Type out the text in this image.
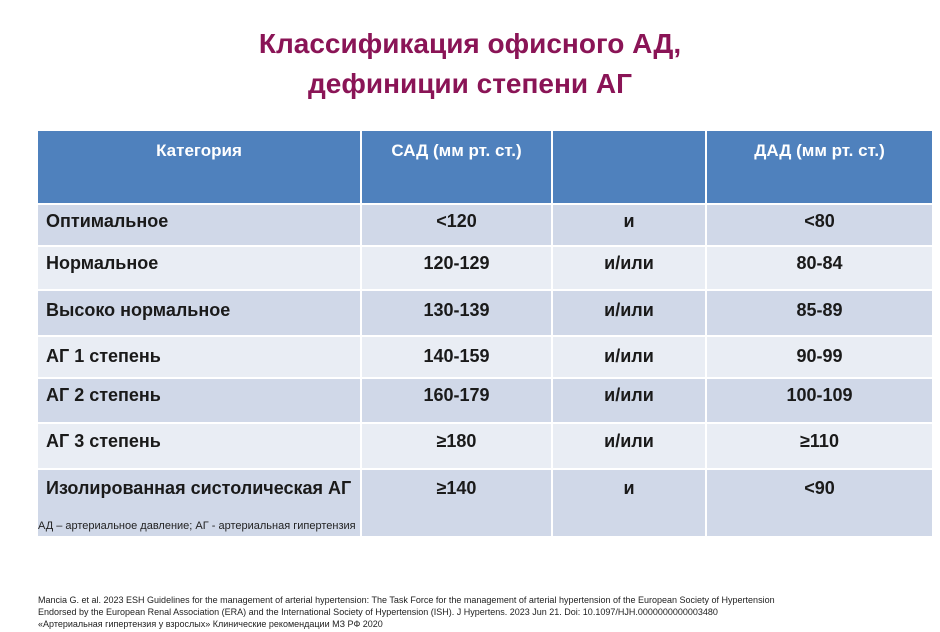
Классификация офисного АД,
дефиниции степени АГ
Категория	САД (мм рт. ст.)		ДАД (мм рт. ст.)
Оптимальное	<120	и	<80
Нормальное	120-129	и/или	80-84
Высоко нормальное	130-139	и/или	85-89
АГ 1 степень	140-159	и/или	90-99
АГ 2 степень	160-179	и/или	100-109
АГ 3 степень	≥180	и/или	≥110
Изолированная систолическая АГ	≥140	и	<90
АД – артериальное давление; АГ - артериальная гипертензия
Mancia G. et al. 2023 ESH Guidelines for the management of arterial hypertension: The Task Force for the management of arterial hypertension of the European Society of Hypertension
Endorsed by the European Renal Association (ERA) and the International Society of Hypertension (ISH). J Hypertens. 2023 Jun 21. Doi: 10.1097/HJH.0000000000003480
«Артериальная гипертензия у взрослых» Клинические рекомендации МЗ РФ 2020
